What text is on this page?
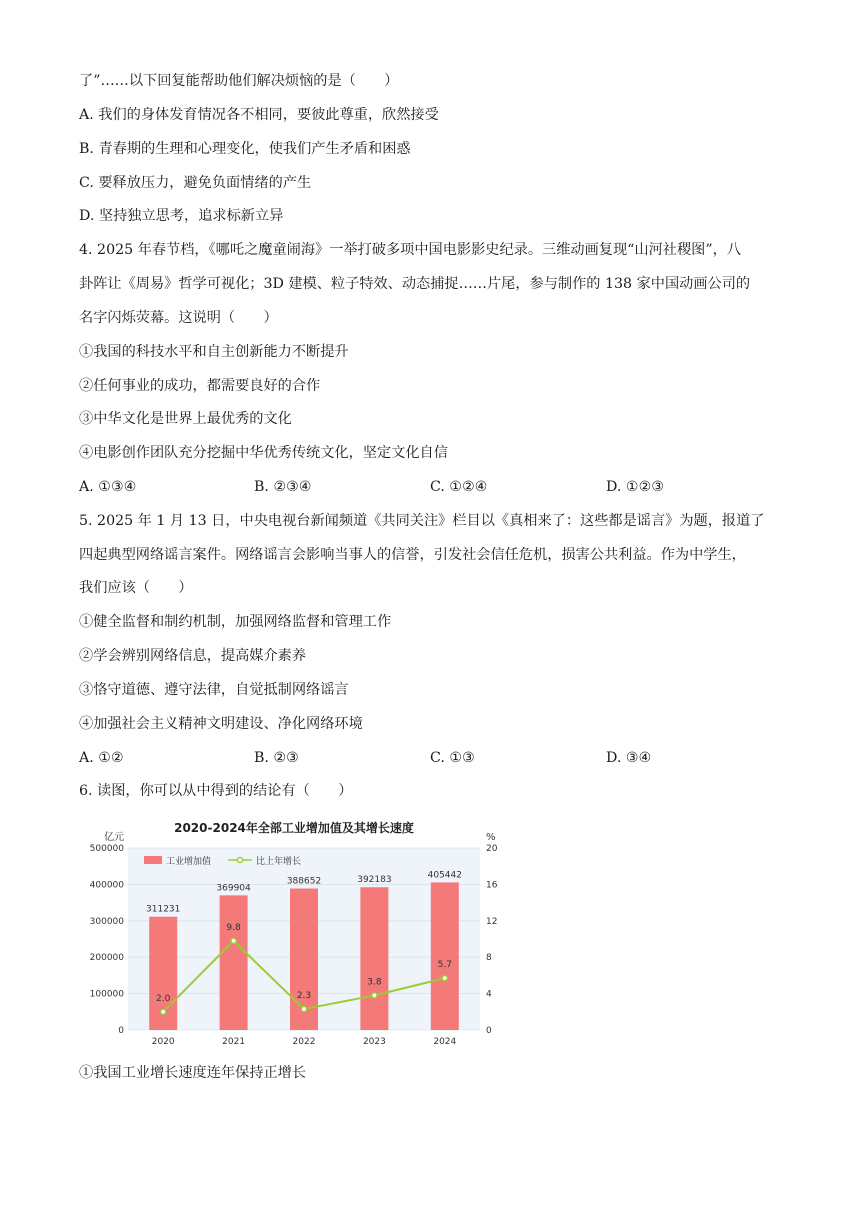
了”……以下回复能帮助他们解决烦恼的是（　　）
A. 我们的身体发育情况各不相同，要彼此尊重，欣然接受
B. 青春期的生理和心理变化，使我们产生矛盾和困惑
C. 要释放压力，避免负面情绪的产生
D. 坚持独立思考，追求标新立异
4. 2025 年春节档，《哪吒之魔童闹海》一举打破多项中国电影影史纪录。三维动画复现“山河社稷图”，八
卦阵让《周易》哲学可视化；3D 建模、粒子特效、动态捕捉……片尾，参与制作的 138 家中国动画公司的
名字闪烁荧幕。这说明（　　）
①我国的科技水平和自主创新能力不断提升
②任何事业的成功，都需要良好的合作
③中华文化是世界上最优秀的文化
④电影创作团队充分挖掘中华优秀传统文化，坚定文化自信
A. ①③④	B. ②③④	C. ①②④	D. ①②③
5. 2025 年 1 月 13 日，中央电视台新闻频道《共同关注》栏目以《真相来了：这些都是谣言》为题，报道了
四起典型网络谣言案件。网络谣言会影响当事人的信誉，引发社会信任危机，损害公共利益。作为中学生，
我们应该（　　）
①健全监督和制约机制，加强网络监督和管理工作
②学会辨别网络信息，提高媒介素养
③恪守道德、遵守法律，自觉抵制网络谣言
④加强社会主义精神文明建设、净化网络环境
A. ①②	B. ②③	C. ①③	D. ③④
6. 读图，你可以从中得到的结论有（　　）
2020-2024年全部工业增加值及其增长速度
亿元	%
工业增加值	比上年增长
0
100000
200000
300000
400000
500000
0
4
8
12
16
20
311231
369904
388652	392183	405442
2.0
9.8
2.3
3.8
5.7
2020	2021	2022	2023	2024
①我国工业增长速度连年保持正增长
